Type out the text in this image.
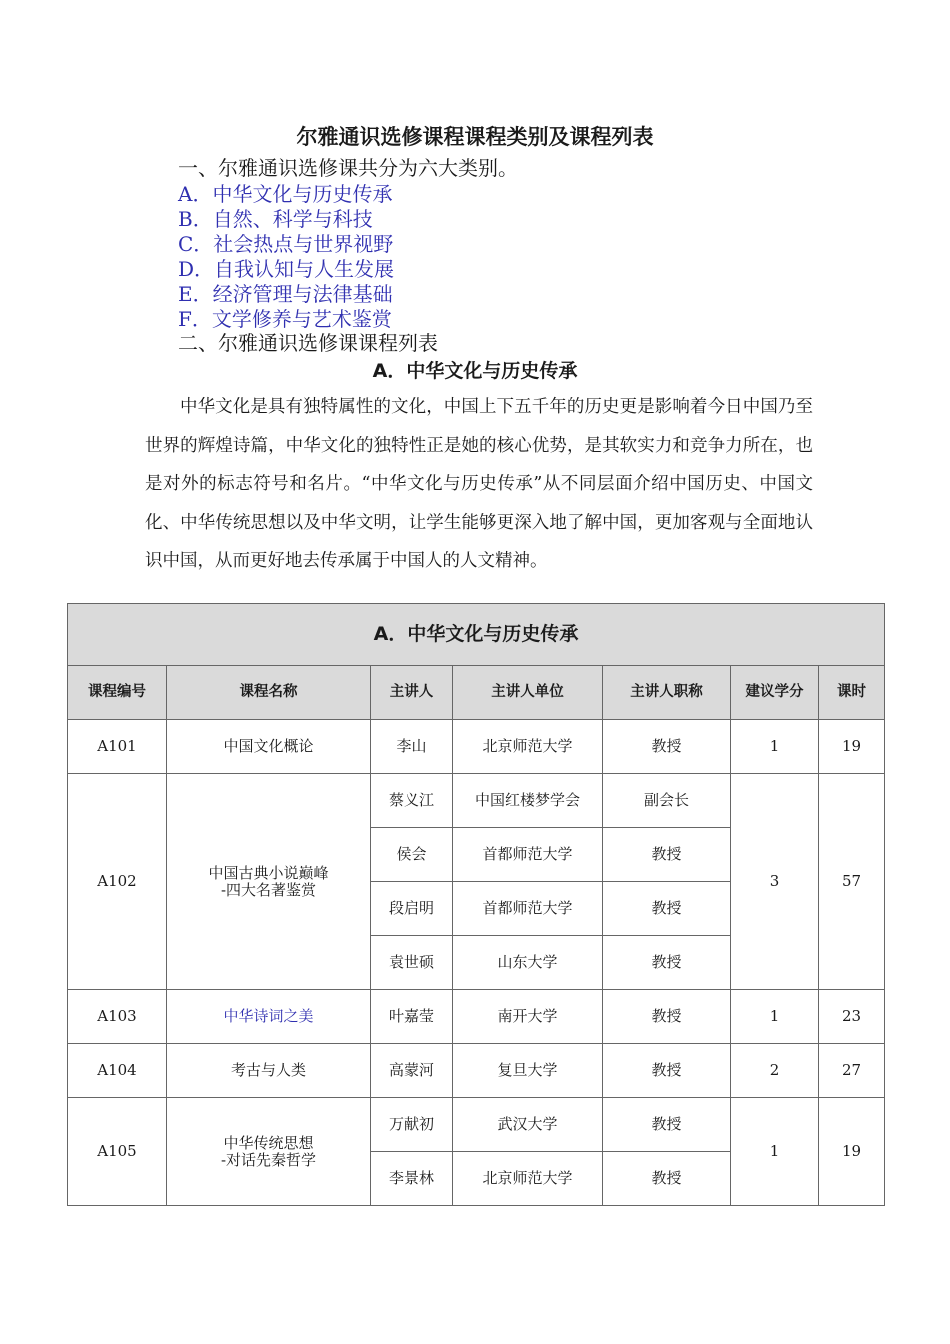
尔雅通识选修课程课程类别及课程列表
一、尔雅通识选修课共分为六大类别。
A．中华文化与历史传承
B．自然、科学与科技
C．社会热点与世界视野
D．自我认知与人生发展
E．经济管理与法律基础
F．文学修养与艺术鉴赏
二、尔雅通识选修课课程列表
A．中华文化与历史传承

中华文化是具有独特属性的文化，中国上下五千年的历史更是影响着今日中国乃至世界的辉煌诗篇，中华文化的独特性正是她的核心优势，是其软实力和竞争力所在，也是对外的标志符号和名片。“中华文化与历史传承”从不同层面介绍中国历史、中国文化、中华传统思想以及中华文明，让学生能够更深入地了解中国，更加客观与全面地认识中国，从而更好地去传承属于中国人的人文精神。

A．中华文化与历史传承						
课程编号	课程名称	主讲人	主讲人单位	主讲人职称	建议学分	课时
A101	中国文化概论	李山	北京师范大学	教授	1	19
A102	中国古典小说巅峰
-四大名著鉴赏	蔡义江	中国红楼梦学会	副会长	3	57
		侯会	首都师范大学	教授		
		段启明	首都师范大学	教授		
		袁世硕	山东大学	教授		
A103	中华诗词之美	叶嘉莹	南开大学	教授	1	23
A104	考古与人类	高蒙河	复旦大学	教授	2	27
A105	中华传统思想
-对话先秦哲学	万献初	武汉大学	教授	1	19
		李景林	北京师范大学	教授		
